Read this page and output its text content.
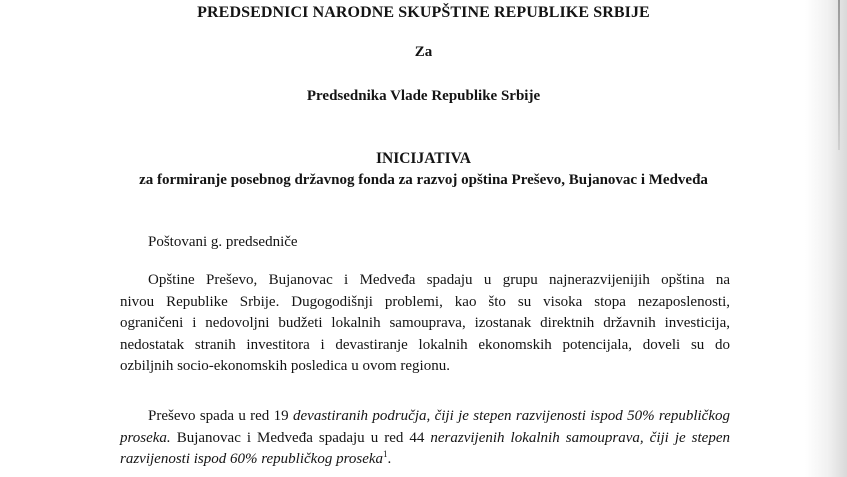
PREDSEDNICI NARODNE SKUPŠTINE REPUBLIKE SRBIJE
Za
Predsednika Vlade Republike Srbije
INICIJATIVA
za formiranje posebnog državnog fonda za razvoj opština Preševo, Bujanovac i Medveđa
Poštovani g. predsedniče
Opštine Preševo, Bujanovac i Medveđa spadaju u grupu najnerazvijenijih opština na
nivou Republike Srbije. Dugogodišnji problemi, kao što su visoka stopa nezaposlenosti,
ograničeni i nedovoljni budžeti lokalnih samouprava, izostanak direktnih državnih investicija,
nedostatak stranih investitora i devastiranje lokalnih ekonomskih potencijala, doveli su do
ozbiljnih socio-ekonomskih posledica u ovom regionu.
Preševo spada u red 19 devastiranih područja, čiji je stepen razvijenosti ispod 50% republičkog
proseka. Bujanovac i Medveđa spadaju u red 44 nerazvijenih lokalnih samouprava, čiji je stepen
razvijenosti ispod 60% republičkog proseka$^1$.
